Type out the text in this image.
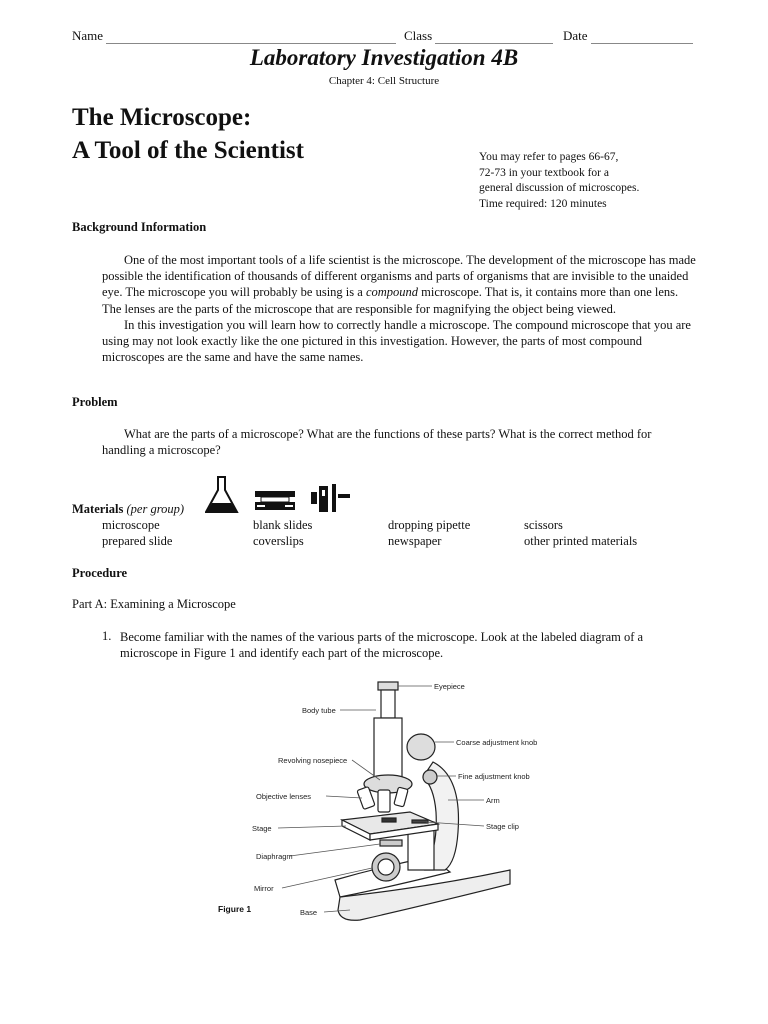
Name	Class	Date
Laboratory Investigation 4B
Chapter 4: Cell Structure
The Microscope:
A Tool of the Scientist	You may refer to pages 66-67,
72-73 in your textbook for a
general discussion of microscopes.
Time required: 120 minutes
Background Information

One of the most important tools of a life scientist is the microscope. The development of the microscope has made possible the identification of thousands of different organisms and parts of organisms that are invisible to the unaided eye. The microscope you will probably be using is a compound microscope. That is, it contains more than one lens. The lenses are the parts of the microscope that are responsible for magnifying the object being viewed.

In this investigation you will learn how to correctly handle a microscope. The compound microscope that you are using may not look exactly like the one pictured in this investigation. However, the parts of most compound microscopes are the same and have the same names.

Problem

What are the parts of a microscope? What are the functions of these parts? What is the correct method for handling a microscope?

Materials (per group)
microscope	blank slides	dropping pipette	scissors
prepared slide	coverslips	newspaper	other printed materials
Procedure
Part A: Examining a Microscope
1. Become familiar with the names of the various parts of the microscope. Look at the labeled diagram of a microscope in Figure 1 and identify each part of the microscope.
Eyepiece
Body tube
Coarse adjustment knob
Revolving nosepiece
Fine adjustment knob
Objective lenses	Arm
Stage	Stage clip
Diaphragm
Mirror
Base
Figure 1
